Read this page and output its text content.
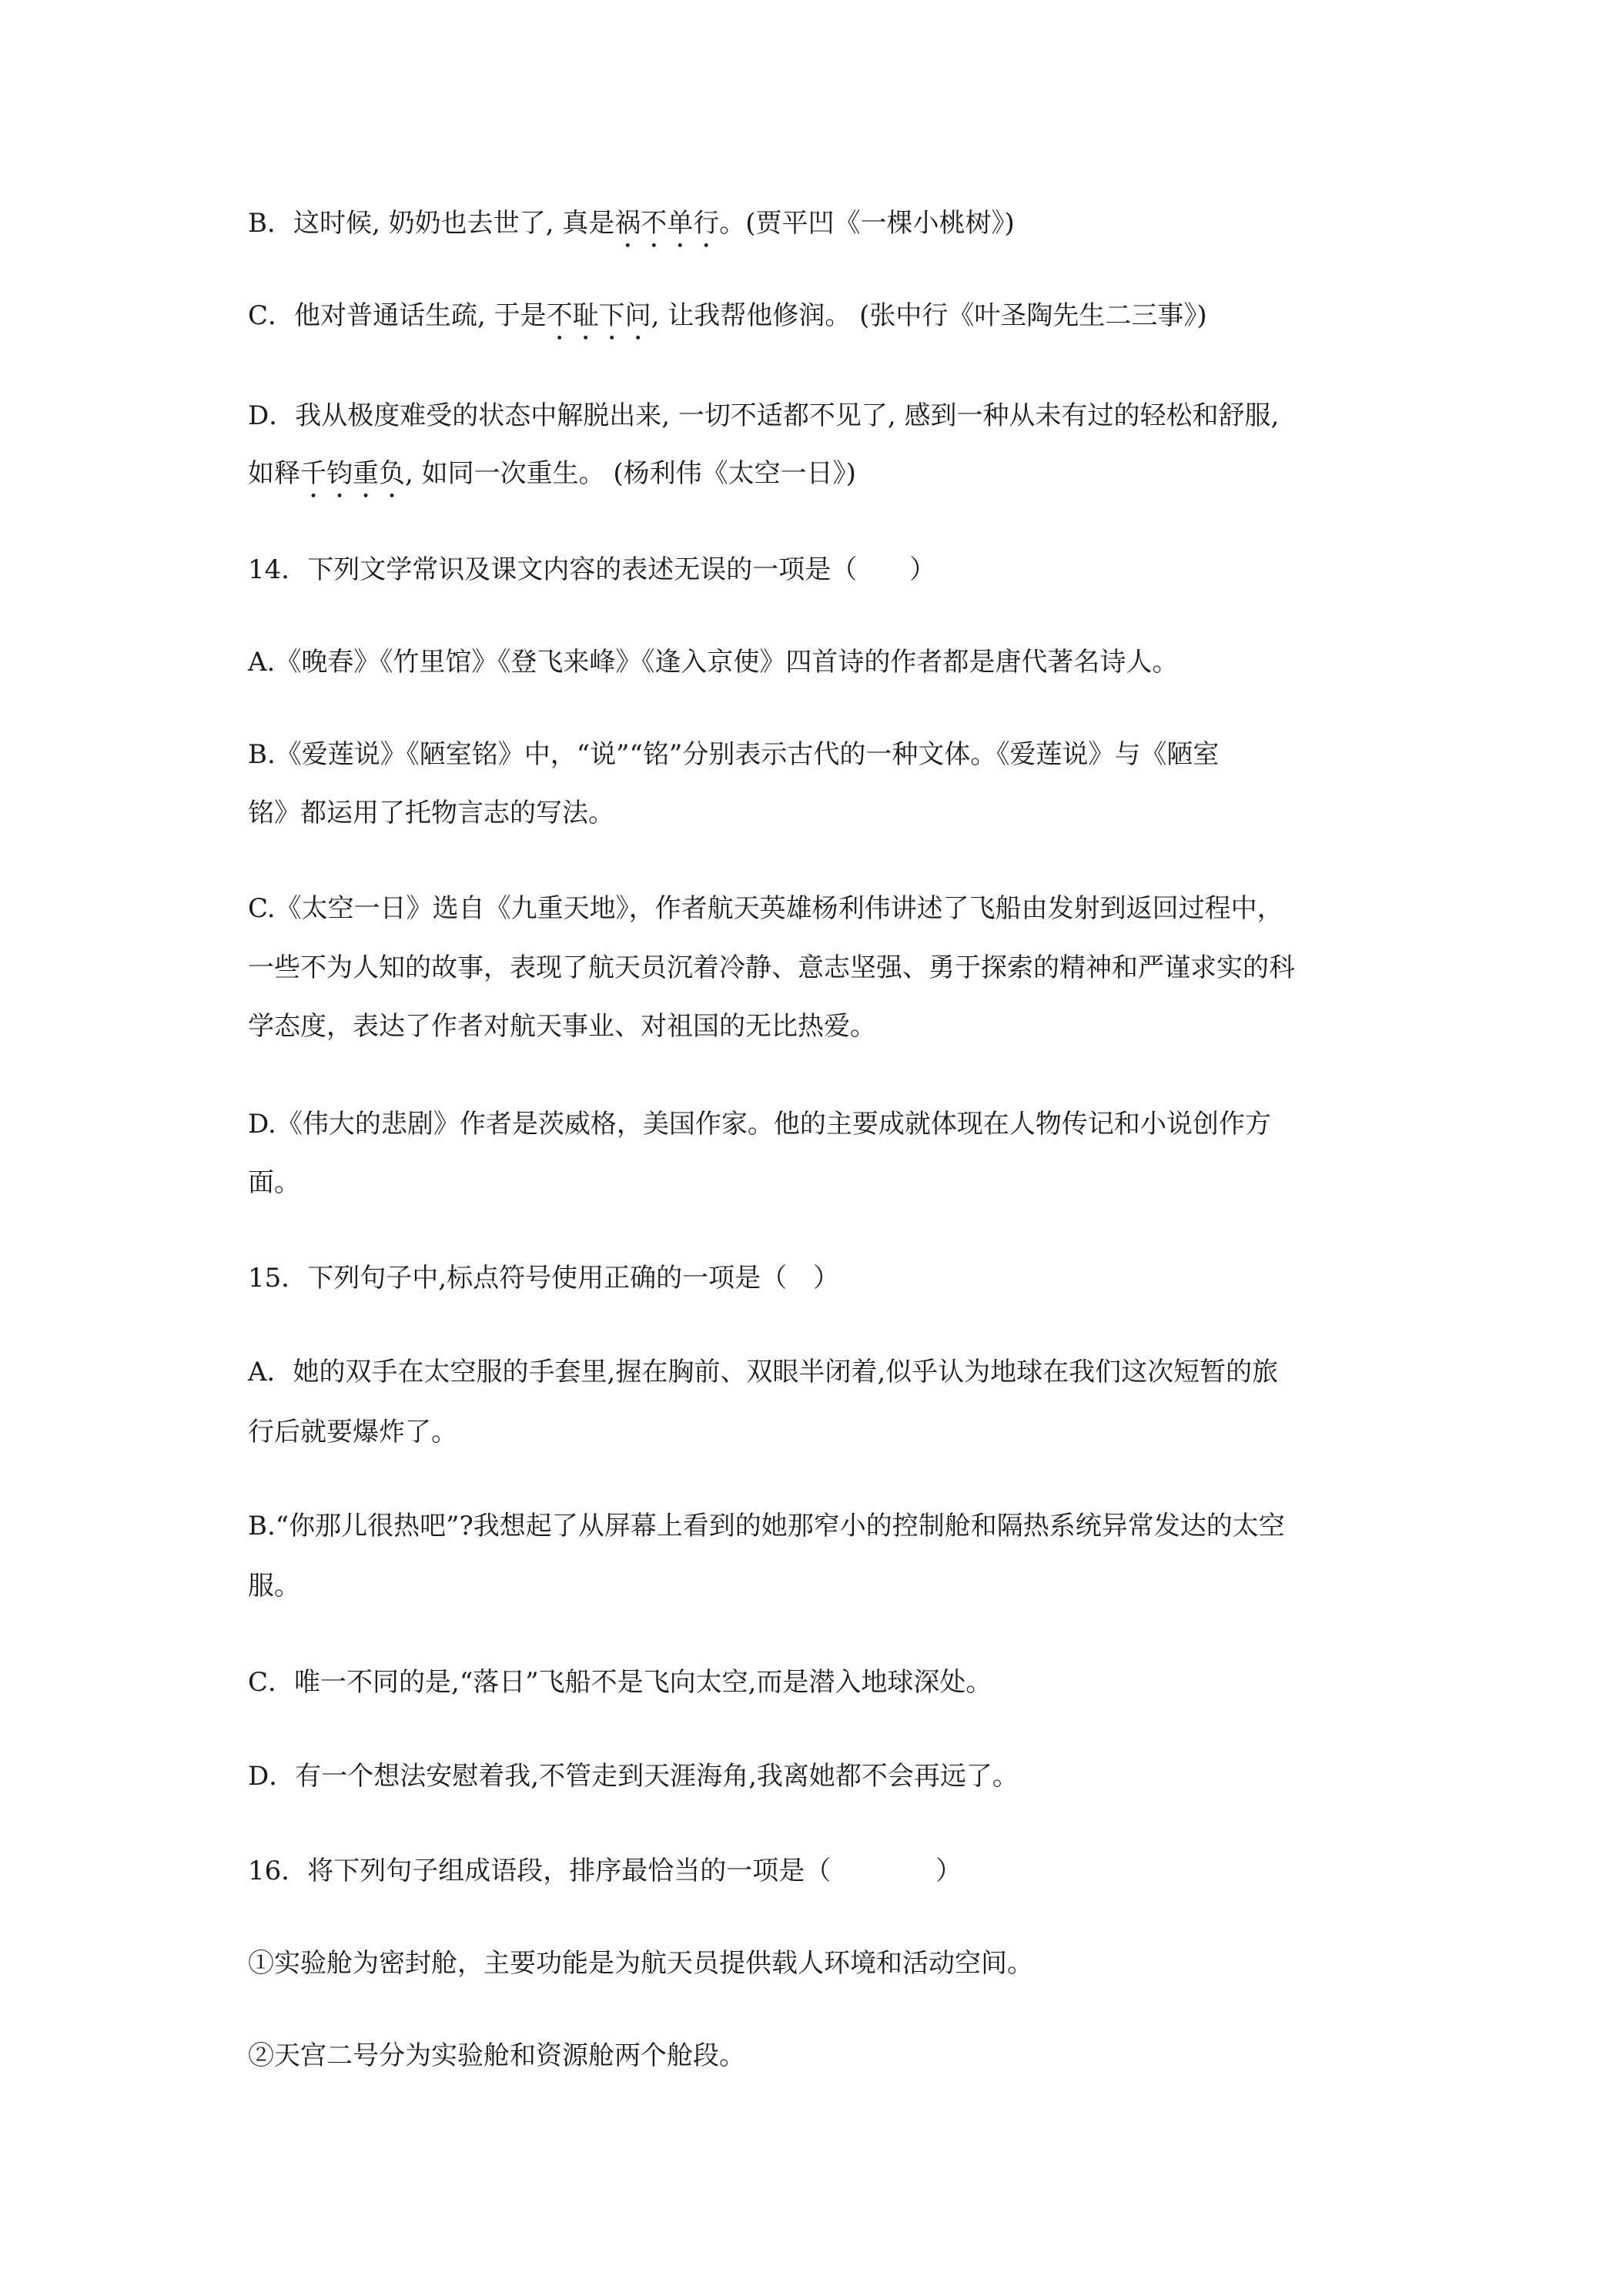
B．这时候, 奶奶也去世了, 真是祸不单行。(贾平凹《一棵小桃树》)
C．他对普通话生疏, 于是不耻下问, 让我帮他修润。 (张中行《叶圣陶先生二三事》)
D．我从极度难受的状态中解脱出来, 一切不适都不见了, 感到一种从未有过的轻松和舒服,
如释千钧重负, 如同一次重生。 (杨利伟《太空一日》)
14．下列文学常识及课文内容的表述无误的一项是（　　）
A.《晚春》《竹里馆》《登飞来峰》《逢入京使》四首诗的作者都是唐代著名诗人。
B.《爱莲说》《陋室铭》中，“说”“铭”分别表示古代的一种文体。《爱莲说》与《陋室
铭》都运用了托物言志的写法。
C.《太空一日》选自《九重天地》，作者航天英雄杨利伟讲述了飞船由发射到返回过程中，
一些不为人知的故事，表现了航天员沉着冷静、意志坚强、勇于探索的精神和严谨求实的科
学态度，表达了作者对航天事业、对祖国的无比热爱。
D.《伟大的悲剧》作者是茨威格，美国作家。他的主要成就体现在人物传记和小说创作方
面。
15．下列句子中,标点符号使用正确的一项是（　）
A．她的双手在太空服的手套里,握在胸前、双眼半闭着,似乎认为地球在我们这次短暂的旅
行后就要爆炸了。
B.“你那儿很热吧”?我想起了从屏幕上看到的她那窄小的控制舱和隔热系统异常发达的太空
服。
C．唯一不同的是,“落日”飞船不是飞向太空,而是潜入地球深处。
D．有一个想法安慰着我,不管走到天涯海角,我离她都不会再远了。
16．将下列句子组成语段，排序最恰当的一项是（　　　　）
①实验舱为密封舱，主要功能是为航天员提供载人环境和活动空间。
②天宫二号分为实验舱和资源舱两个舱段。
